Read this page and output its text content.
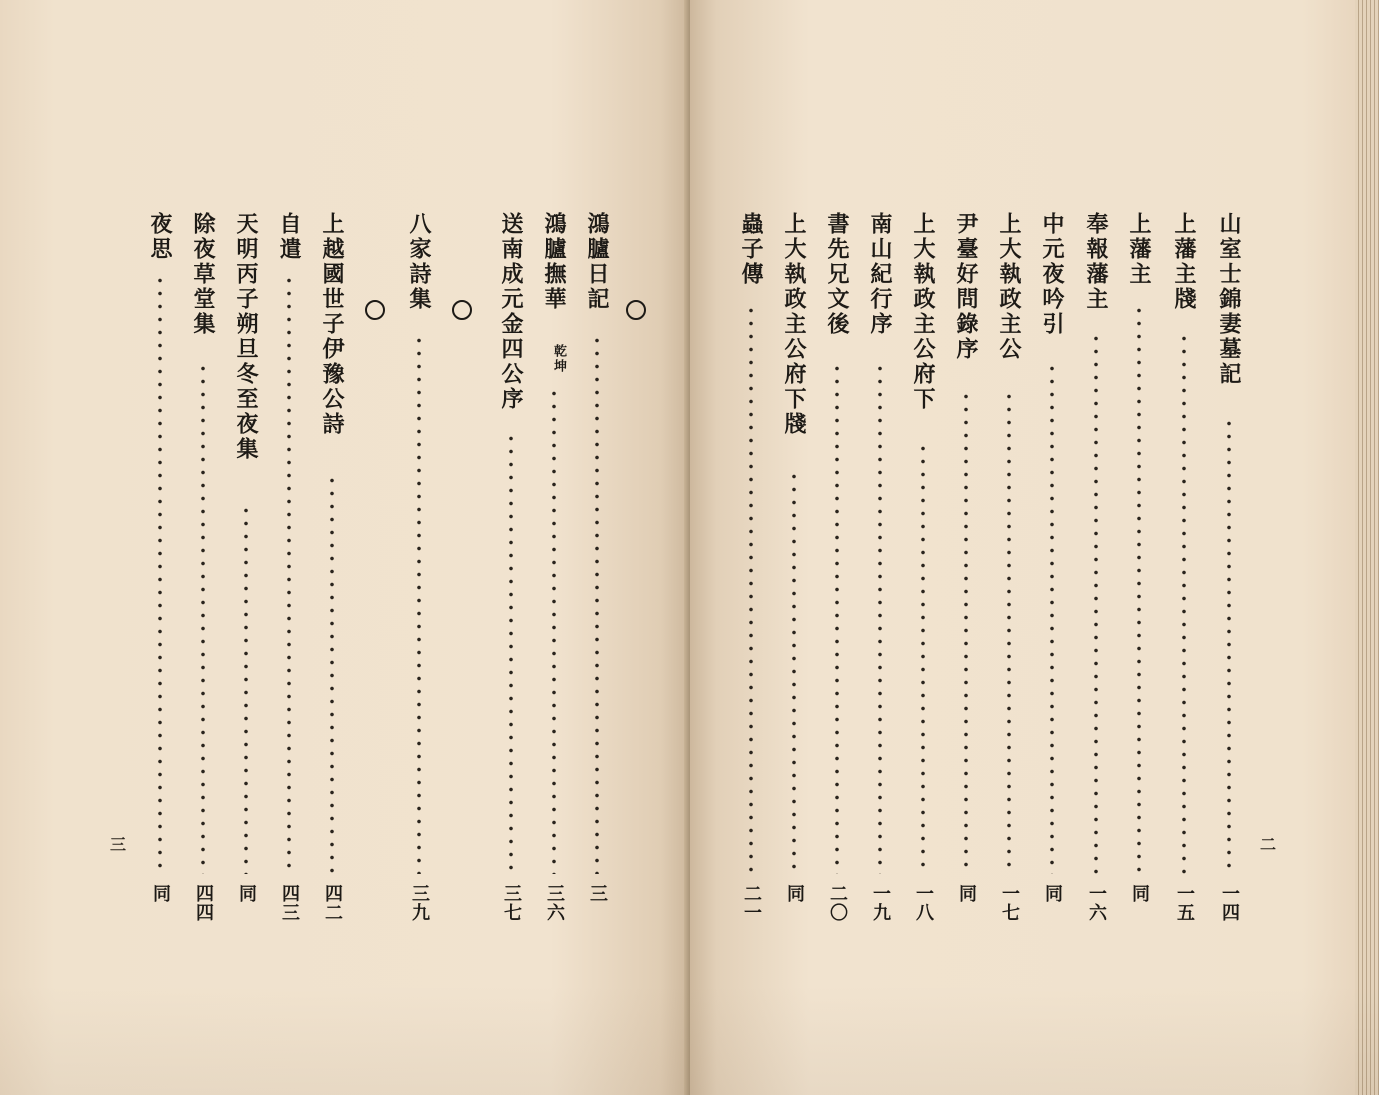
鴻臚日記
三
鴻臚撫華
乾坤
三六
送南成元金四公序
三七
八家詩集
三九
上越國世子伊豫公詩
四二
自遣
四三
天明丙子朔旦冬至夜集
同
除夜草堂集
四四
夜思
同
三
山室士錦妻墓記
一四
上藩主牋
一五
上藩主
同
奉報藩主
一六
中元夜吟引
同
上大執政主公
一七
尹臺好問錄序
同
上大執政主公府下
一八
南山紀行序
一九
書先兄文後
二〇
上大執政主公府下牋
同
蟲子傳
二一
二
